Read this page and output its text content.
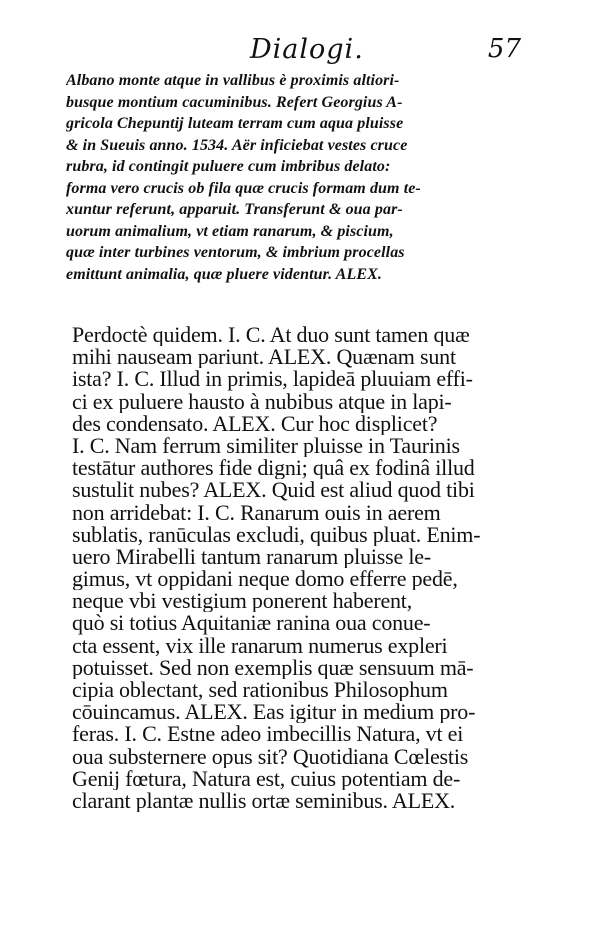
Dialogi.	57
Albano monte atque in vallibus è proximis altiori-
busque montium cacuminibus. Refert Georgius A-
gricola Chepuntij luteam terram cum aqua pluisse
& in Sueuis anno. 1534. Aër inficiebat vestes cruce
rubra, id contingit puluere cum imbribus delato:
forma vero crucis ob fila quæ crucis formam dum te-
xuntur referunt, apparuit. Transferunt & oua par-
uorum animalium, vt etiam ranarum, & piscium,
quæ inter turbines ventorum, & imbrium procellas
emittunt animalia, quæ pluere videntur. ALEX.
Perdoctè quidem. I. C. At duo sunt tamen quæ
mihi nauseam pariunt. ALEX. Quænam sunt
ista? I. C. Illud in primis, lapideā pluuiam effi-
ci ex puluere hausto à nubibus atque in lapi-
des condensato. ALEX. Cur hoc displicet?
I. C. Nam ferrum similiter pluisse in Taurinis
testātur authores fide digni; quâ ex fodinâ illud
sustulit nubes? ALEX. Quid est aliud quod tibi
non arridebat: I. C. Ranarum ouis in aerem
sublatis, ranūculas excludi, quibus pluat. Enim-
uero Mirabelli tantum ranarum pluisse le-
gimus, vt oppidani neque domo efferre pedē,
neque vbi vestigium ponerent haberent,
quò si totius Aquitaniæ ranina oua conue-
cta essent, vix ille ranarum numerus expleri
potuisset. Sed non exemplis quæ sensuum mā-
cipia oblectant, sed rationibus Philosophum
cōuincamus. ALEX. Eas igitur in medium pro-
feras. I. C. Estne adeo imbecillis Natura, vt ei
oua substernere opus sit? Quotidiana Cœlestis
Genij fœtura, Natura est, cuius potentiam de-
clarant plantæ nullis ortæ seminibus. ALEX.
